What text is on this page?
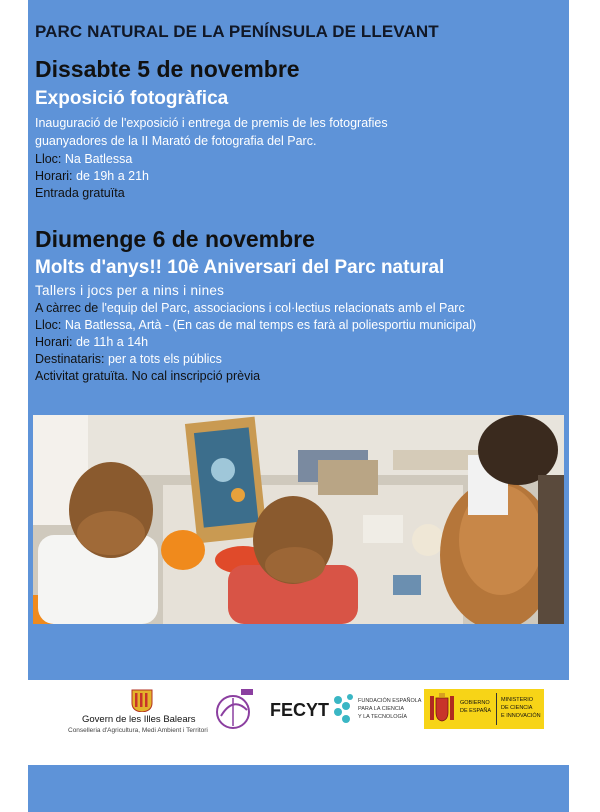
PARC NATURAL DE LA PENÍNSULA DE LLEVANT
Dissabte 5 de novembre
Exposició fotogràfica

Inauguració de l'exposició i entrega de premis de les fotografies

guanyadores de la II Marató de fotografia del Parc.

Lloc: Na Batlessa

Horari: de 19h a 21h

Entrada gratuïta

Diumenge 6 de novembre
Molts d'anys!! 10è Aniversari del Parc natural

Tallers i jocs per a nins i nines

A càrrec de l'equip del Parc, associacions i col·lectius relacionats amb el Parc

Lloc: Na Batlessa, Artà - (En cas de mal temps es farà al poliesportiu municipal)

Horari: de 11h a 14h

Destinataris: per a tots els públics

Activitat gratuïta. No cal inscripció prèvia

Govern de les Illes Balears
Conselleria d'Agricultura, Medi Ambient i Territori
FECYT	FUNDACIÓN ESPAÑOLA
PARA LA CIENCIA
Y LA TECNOLOGÍA
GOBIERNO
DE ESPAÑA
MINISTERIO
DE CIENCIA
E INNOVACIÓN
